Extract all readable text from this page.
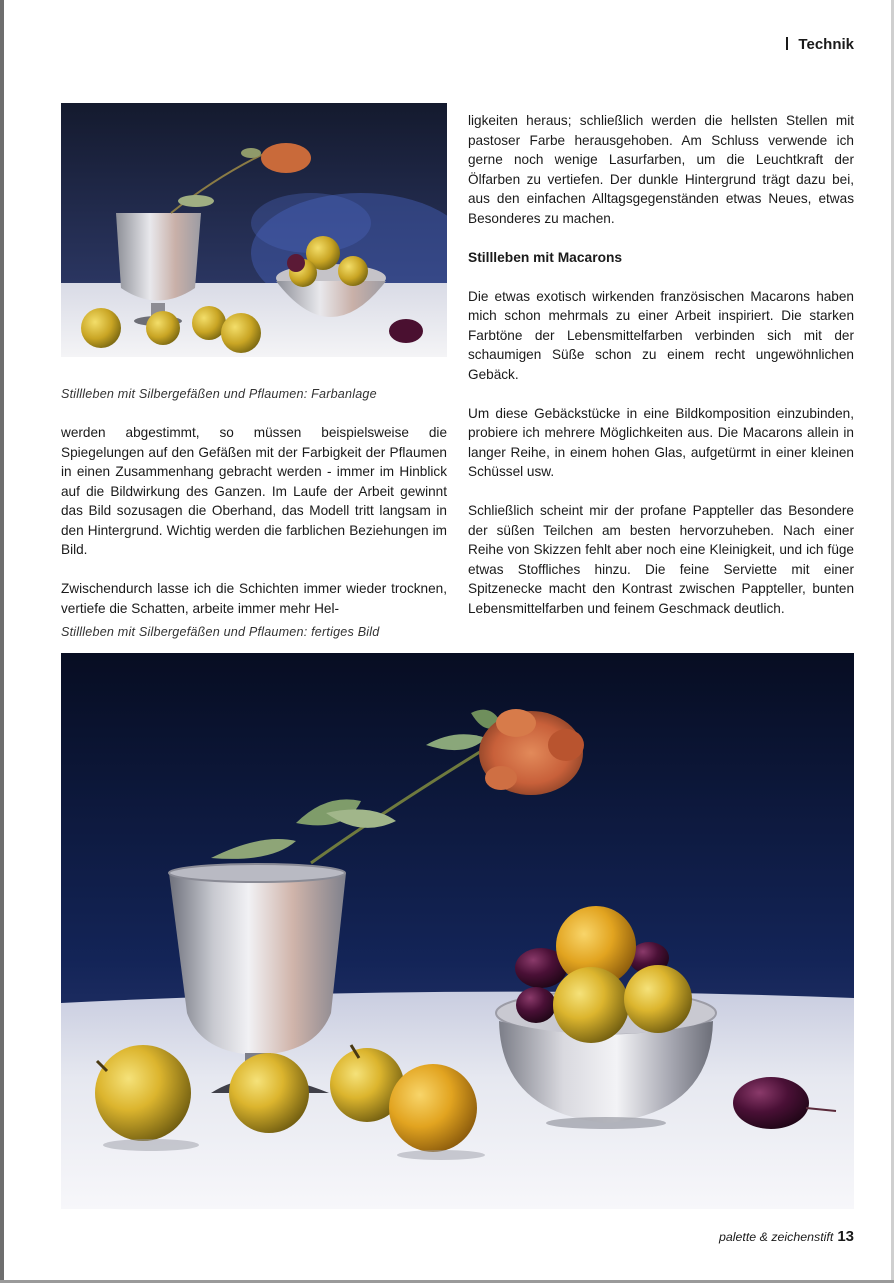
Technik
Stillleben mit Silbergefäßen und Pflaumen: Farbanlage

werden abgestimmt, so müssen beispielsweise die Spiegelungen auf den Gefäßen mit der Farbigkeit der Pflaumen in einen Zusammenhang gebracht werden - immer im Hinblick auf die Bildwirkung des Ganzen. Im Laufe der Arbeit gewinnt das Bild sozusagen die Oberhand, das Modell tritt langsam in den Hintergrund. Wichtig werden die farblichen Beziehungen im Bild.

Zwischendurch lasse ich die Schichten immer wieder trocknen, vertiefe die Schatten, arbeite immer mehr Hel-

ligkeiten heraus; schließlich werden die hellsten Stellen mit pastoser Farbe herausgehoben. Am Schluss verwende ich gerne noch wenige Lasurfarben, um die Leuchtkraft der Ölfarben zu vertiefen. Der dunkle Hintergrund trägt dazu bei, aus den einfachen Alltagsgegenständen etwas Neues, etwas Besonderes zu machen.

Stillleben mit Macarons

Die etwas exotisch wirkenden französischen Macarons haben mich schon mehrmals zu einer Arbeit inspiriert. Die starken Farbtöne der Lebensmittelfarben verbinden sich mit der schaumigen Süße schon zu einem recht ungewöhnlichen Gebäck.

Um diese Gebäckstücke in eine Bildkomposition einzubinden, probiere ich mehrere Möglichkeiten aus. Die Macarons allein in langer Reihe, in einem hohen Glas, aufgetürmt in einer kleinen Schüssel usw.

Schließlich scheint mir der profane Pappteller das Besondere der süßen Teilchen am besten hervorzuheben. Nach einer Reihe von Skizzen fehlt aber noch eine Kleinigkeit, und ich füge etwas Stoffliches hinzu. Die feine Serviette mit einer Spitzenecke macht den Kontrast zwischen Pappteller, bunten Lebensmittelfarben und feinem Geschmack deutlich.

Stillleben mit Silbergefäßen und Pflaumen: fertiges Bild
palette & zeichenstift 13
